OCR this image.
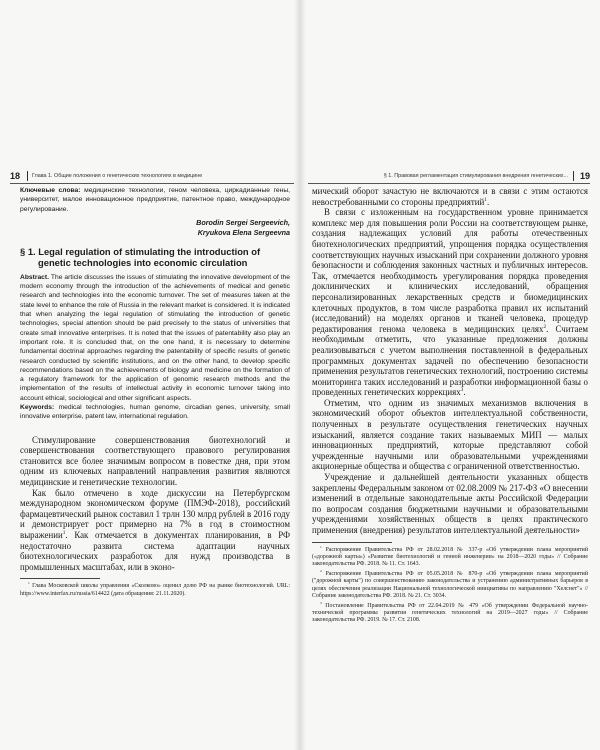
18 Глава 1. Общие положения о генетических технологиях в медицине

Ключевые слова: медицинские технологии, геном человека, циркадианные гены, университет, малое инновационное предприятие, патентное право, международное регулирование.

Borodin Sergei Sergeevich,
Kryukova Elena Sergeevna
§ 1. Legal regulation of stimulating the introduction of genetic technologies into economic circulation

Abstract. The article discusses the issues of stimulating the innovative development of the modern economy through the introduction of the achievements of medical and genetic research and technologies into the economic turnover. The set of measures taken at the state level to enhance the role of Russia in the relevant market is considered. It is indicated that when analyzing the legal regulation of stimulating the introduction of genetic technologies, special attention should be paid precisely to the status of universities that create small innovative enterprises. It is noted that the issues of patentability also play an important role. It is concluded that, on the one hand, it is necessary to determine fundamental doctrinal approaches regarding the patentability of specific results of genetic research conducted by scientific institutions, and on the other hand, to develop specific recommendations based on the achievements of biology and medicine on the formation of a regulatory framework for the application of genomic research methods and the implementation of the results of intellectual activity in economic turnover taking into account ethical, sociological and other significant aspects.

Keywords: medical technologies, human genome, circadian genes, university, small innovative enterprise, patent law, international regulation.

Стимулирование совершенствования биотехнологий и совершенствования соответствующего правового регулирования становится все более значимым вопросом в повестке дня, при этом одним из ключевых направлений направления развития являются медицинские и генетические технологии.

Как было отмечено в ходе дискуссии на Петербургском международном экономическом форуме (ПМЭФ-2018), российский фармацевтический рынок составил 1 трлн 130 млрд рублей в 2016 году и демонстрирует рост примерно на 7% в год в стоимостном выражении$^1$. Как отмечается в документах планирования, в РФ недостаточно развита система адаптации научных биотехнологических разработок для нужд производства в промышленных масштабах, или в эконо-

$^1$ Глава Московской школы управления «Сколково» оценил долю РФ на рынке биотехнологий. URL: https://www.interfax.ru/russia/614422 (дата обращения: 21.11.2020).

§ 1. Правовая регламентация стимулирования внедрения генетических... 19

мический оборот зачастую не включаются и в связи с этим остаются невостребованными со стороны предприятий$^1$.

В связи с изложенным на государственном уровне принимается комплекс мер для повышения роли России на соответствующем рынке, создания надлежащих условий для работы отечественных биотехнологических предприятий, упрощения порядка осуществления соответствующих научных изысканий при сохранении должного уровня безопасности и соблюдения законных частных и публичных интересов. Так, отмечается необходимость урегулирования порядка проведения доклинических и клинических исследований, обращения персонализированных лекарственных средств и биомедицинских клеточных продуктов, в том числе разработка правил их испытаний (исследований) на моделях органов и тканей человека, процедур редактирования генома человека в медицинских целях$^2$. Считаем необходимым отметить, что указанные предложения должны реализовываться с учетом выполнения поставленной в федеральных программных документах задачей по обеспечению безопасности применения результатов генетических технологий, построению системы мониторинга таких исследований и разработки информационной базы о проведенных генетических коррекциях$^3$.

Отметим, что одним из значимых механизмов включения в экономический оборот объектов интеллектуальной собственности, полученных в результате осуществления генетических научных изысканий, является создание таких называемых МИП — малых инновационных предприятий, которые представляют собой учрежденные научными или образовательными учреждениями акционерные общества и общества с ограниченной ответственностью.

Учреждение и дальнейшей деятельности указанных обществ закреплены Федеральным законом от 02.08.2009 № 217-ФЗ «О внесении изменений в отдельные законодательные акты Российской Федерации по вопросам создания бюджетными научными и образовательными учреждениями хозяйственных обществ в целях практического применения (внедрения) результатов интеллектуальной деятельности»

$^1$ Распоряжение Правительства РФ от 28.02.2018 № 337-р «Об утверждении плана мероприятий («дорожной карты») «Развитие биотехнологий и генной инженерии» на 2018—2020 годы» // Собрание законодательства РФ. 2018. № 11. Ст. 1643.

$^2$ Распоряжение Правительства РФ от 05.05.2018 № 870-р «Об утверждении плана мероприятий ("дорожной карты") по совершенствованию законодательства и устранению административных барьеров в целях обеспечения реализации Национальной технологической инициативы по направлению "Хелснет"» // Собрание законодательства РФ. 2018. № 21. Ст. 3034.

$^3$ Постановление Правительства РФ от 22.04.2019 № 479 «Об утверждении Федеральной научно-технической программы развития генетических технологий на 2019—2027 годы» // Собрание законодательства РФ. 2019. № 17. Ст. 2108.
